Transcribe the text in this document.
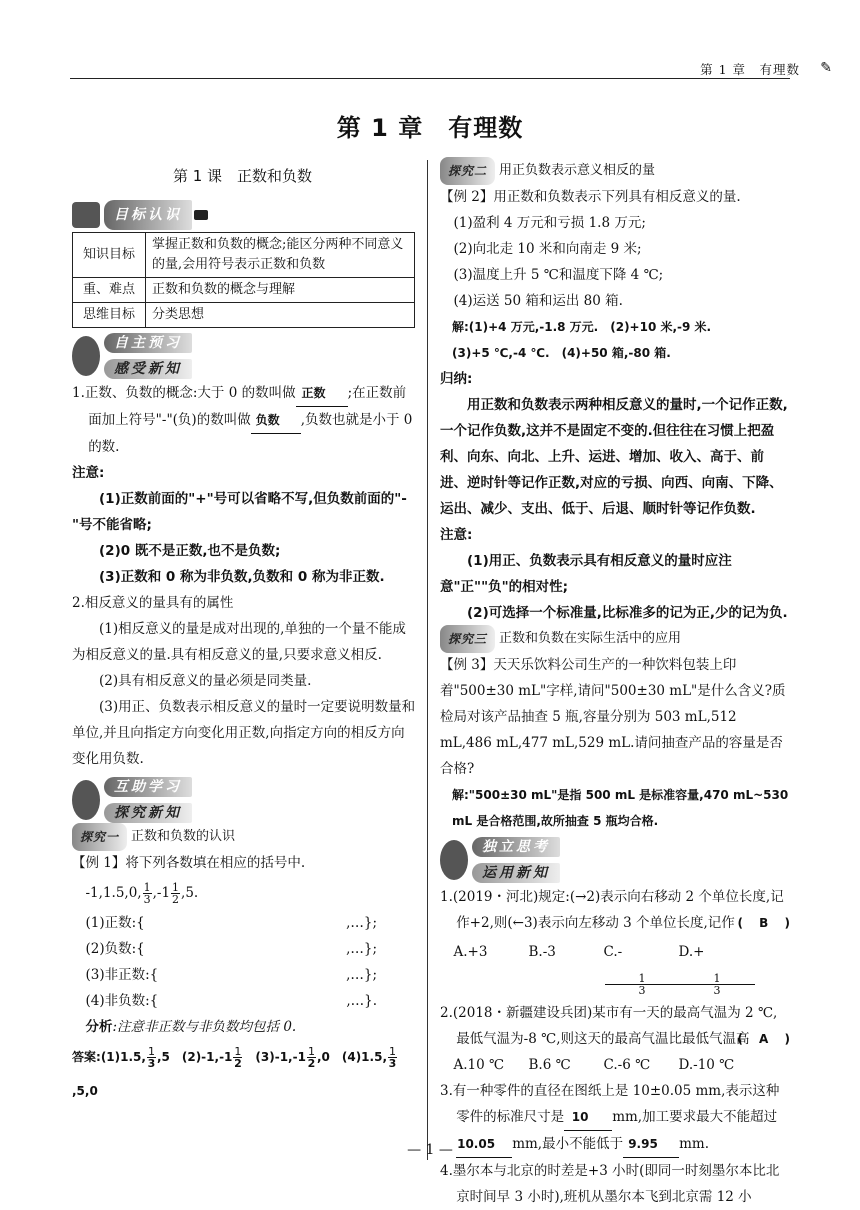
第 1 章　有理数 ✎
第 1 章　有理数
第 1 课　正数和负数
目标认识
知识目标	掌握正数和负数的概念;能区分两种不同意义的量,会用符号表示正数和负数
重、难点	正数和负数的概念与理解
思维目标	分类思想
自主预习
感受新知

1.正数、负数的概念:大于 0 的数叫做 正数 ;在正数前面加上符号"-"(负)的数叫做 负数 ,负数也就是小于 0 的数.

注意:

(1)正数前面的"+"号可以省略不写,但负数前面的"-"号不能省略;

(2)0 既不是正数,也不是负数;

(3)正数和 0 称为非负数,负数和 0 称为非正数.

2.相反意义的量具有的属性

(1)相反意义的量是成对出现的,单独的一个量不能成为相反意义的量.具有相反意义的量,只要求意义相反.

(2)具有相反意义的量必须是同类量.

(3)用正、负数表示相反意义的量时一定要说明数量和单位,并且向指定方向变化用正数,向指定方向的相反方向变化用负数.

互助学习
探究新知
探究一 正数和负数的认识

【例 1】将下列各数填在相应的括号中.

-1,1.5,0, $\frac{1}{3} ,-1 \frac{1}{2} ,5$.

(1)正数:{	,…};

(2)负数:{	,…};

(3)非正数:{	,…};

(4)非负数:{	,…}.

分析:注意非正数与非负数均包括 0.

答案:(1)1.5, $\frac{1}{3} ,5$　$(2)-1,-1 \frac{1}{2}$ 　$(3)-1,-1 \frac{1}{2} ,0$　(4)1.5, $\frac{1}{3}$
,5,0

探究二 用正负数表示意义相反的量

【例 2】用正数和负数表示下列具有相反意义的量.

(1)盈利 4 万元和亏损 1.8 万元;

(2)向北走 10 米和向南走 9 米;

(3)温度上升 5 ℃和温度下降 4 ℃;

(4)运送 50 箱和运出 80 箱.

解:(1)+4 万元,-1.8 万元.　(2)+10 米,-9 米.

(3)+5 ℃,-4 ℃.　(4)+50 箱,-80 箱.

归纳:

用正数和负数表示两种相反意义的量时,一个记作正数,一个记作负数,这并不是固定不变的.但往往在习惯上把盈利、向东、向北、上升、运进、增加、收入、高于、前进、逆时针等记作正数,对应的亏损、向西、向南、下降、运出、减少、支出、低于、后退、顺时针等记作负数.

注意:

(1)用正、负数表示具有相反意义的量时应注意"正""负"的相对性;

(2)可选择一个标准量,比标准多的记为正,少的记为负.

探究三 正数和负数在实际生活中的应用

【例 3】天天乐饮料公司生产的一种饮料包装上印着"500±30 mL"字样,请问"500±30 mL"是什么含义?质检局对该产品抽查 5 瓶,容量分别为 503 mL,512 mL,486 mL,477 mL,529 mL.请问抽查产品的容量是否合格?

解:"500±30 mL"是指 500 mL 是标准容量,470 mL~530 mL 是合格范围,故所抽查 5 瓶均合格.

独立思考
运用新知

1.(2019・河北)规定:(→2)表示向右移动 2 个单位长度,记作+2,则(←3)表示向左移动 3 个单位长度,记作 ( 　B　 )

A.+3	B.-3	C.-
$\frac{1}{3}$
D.+
$\frac{1}{3}$

2.(2018・新疆建设兵团)某市有一天的最高气温为 2 ℃,最低气温为-8 ℃,则这天的最高气温比最低气温高
( 　A　 )

A.10 ℃	B.6 ℃	C.-6 ℃	D.-10 ℃

3.有一种零件的直径在图纸上是 10±0.05 mm,表示这种零件的标准尺寸是 10 mm,加工要求最大不能超过10.05 mm,最小不能低于 9.95 mm.

4.墨尔本与北京的时差是+3 小时(即同一时刻墨尔本比北京时间早 3 小时),班机从墨尔本飞到北京需 12 小

— 1 —
